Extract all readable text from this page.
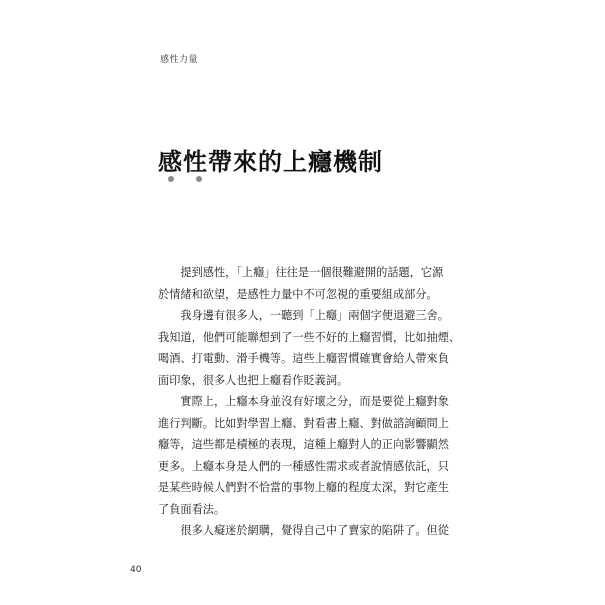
感性力量
感性帶來的上癮機制
　　提到感性，「上癮」往往是一個很難避開的話題，它源
於情緒和欲望，是感性力量中不可忽視的重要組成部分。
　　我身邊有很多人，一聽到「上癮」兩個字便退避三舍。
我知道，他們可能聯想到了一些不好的上癮習慣，比如抽煙、
喝酒、打電動、滑手機等。這些上癮習慣確實會給人帶來負
面印象，很多人也把上癮看作貶義詞。
　　實際上，上癮本身並沒有好壞之分，而是要從上癮對象
進行判斷。比如對學習上癮、對看書上癮、對做諮詢顧問上
癮等，這些都是積極的表現，這種上癮對人的正向影響顯然
更多。上癮本身是人們的一種感性需求或者說情感依託，只
是某些時候人們對不恰當的事物上癮的程度太深，對它產生
了負面看法。
　　很多人癡迷於網購，覺得自己中了賣家的陷阱了。但從
40
